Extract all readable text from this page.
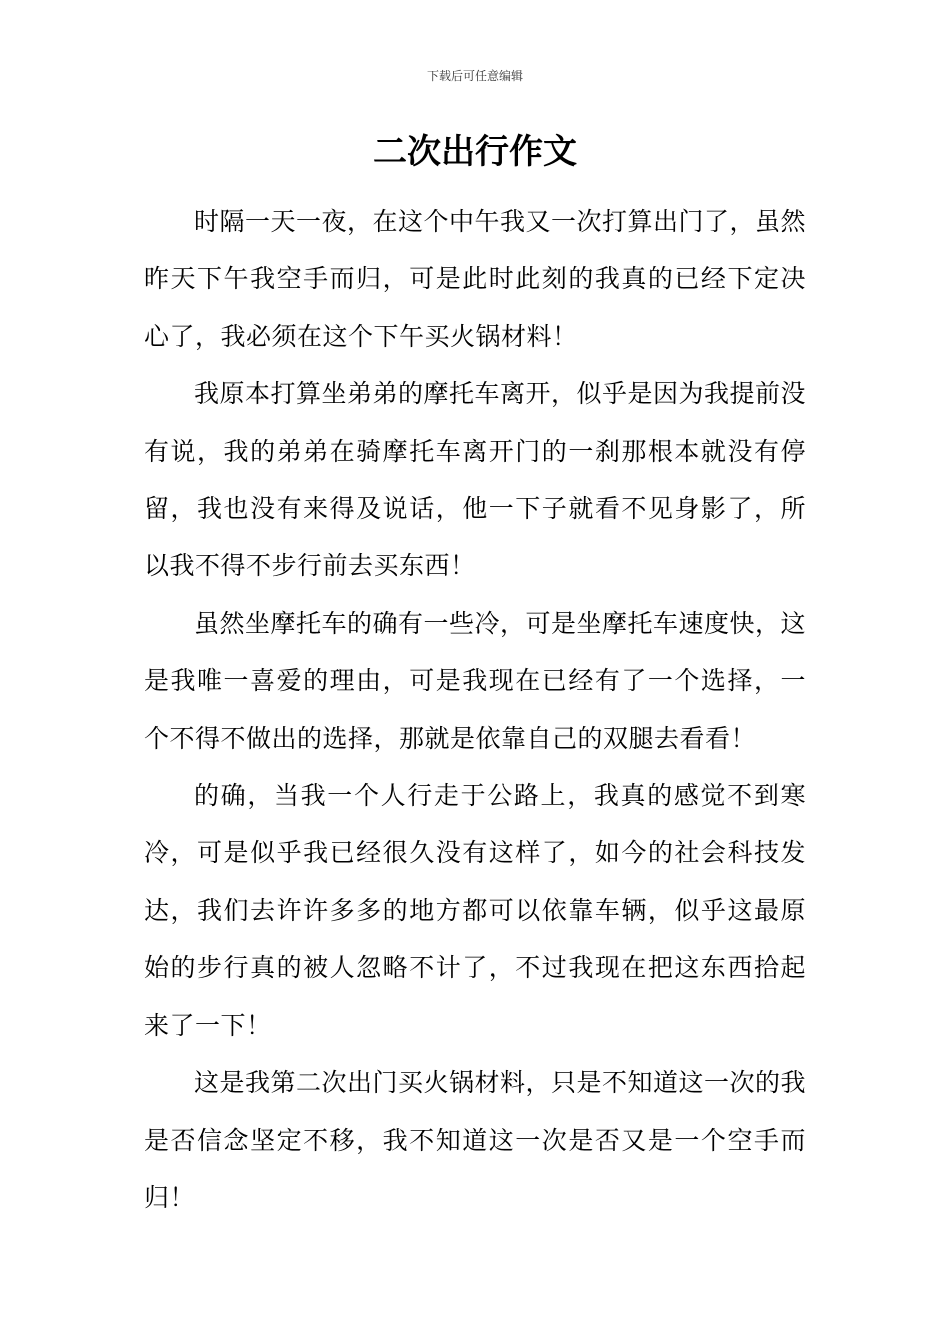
下载后可任意编辑
二次出行作文

时隔一天一夜，在这个中午我又一次打算出门了，虽然昨天下午我空手而归，可是此时此刻的我真的已经下定决心了，我必须在这个下午买火锅材料！

我原本打算坐弟弟的摩托车离开，似乎是因为我提前没有说，我的弟弟在骑摩托车离开门的一刹那根本就没有停留，我也没有来得及说话，他一下子就看不见身影了，所以我不得不步行前去买东西！

虽然坐摩托车的确有一些冷，可是坐摩托车速度快，这是我唯一喜爱的理由，可是我现在已经有了一个选择，一个不得不做出的选择，那就是依靠自己的双腿去看看！

的确，当我一个人行走于公路上，我真的感觉不到寒冷，可是似乎我已经很久没有这样了，如今的社会科技发达，我们去许许多多的地方都可以依靠车辆，似乎这最原始的步行真的被人忽略不计了，不过我现在把这东西拾起来了一下！

这是我第二次出门买火锅材料，只是不知道这一次的我是否信念坚定不移，我不知道这一次是否又是一个空手而归！
